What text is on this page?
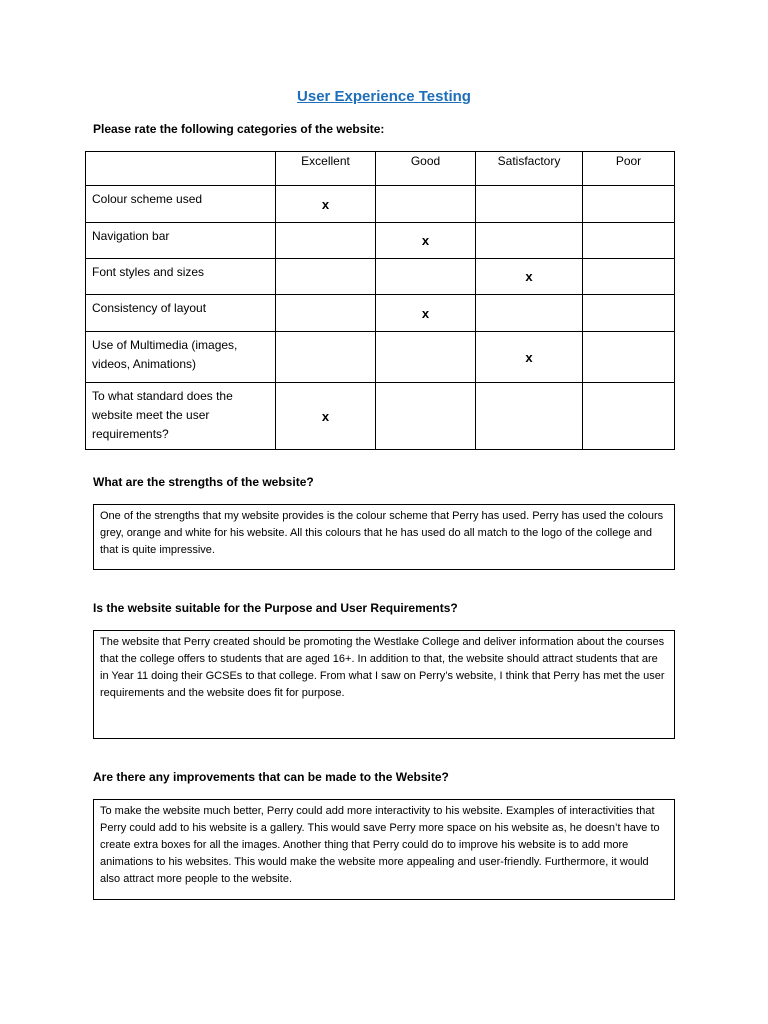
User Experience Testing
Please rate the following categories of the website:
	Excellent	Good	Satisfactory	Poor
Colour scheme used	x			
Navigation bar		x		
Font styles and sizes			x	
Consistency of layout		x		
Use of Multimedia (images, videos, Animations)			x	
To what standard does the website meet the user requirements?	x			
What are the strengths of the website?
One of the strengths that my website provides is the colour scheme that Perry has used. Perry has used the colours grey, orange and white for his website. All this colours that he has used do all match to the logo of the college and that is quite impressive.
Is the website suitable for the Purpose and User Requirements?
The website that Perry created should be promoting the Westlake College and deliver information about the courses that the college offers to students that are aged 16+. In addition to that, the website should attract students that are in Year 11 doing their GCSEs to that college. From what I saw on Perry’s website, I think that Perry has met the user requirements and the website does fit for purpose.
Are there any improvements that can be made to the Website?
To make the website much better, Perry could add more interactivity to his website. Examples of interactivities that Perry could add to his website is a gallery. This would save Perry more space on his website as, he doesn’t have to create extra boxes for all the images. Another thing that Perry could do to improve his website is to add more animations to his websites. This would make the website more appealing and user-friendly. Furthermore, it would also attract more people to the website.
